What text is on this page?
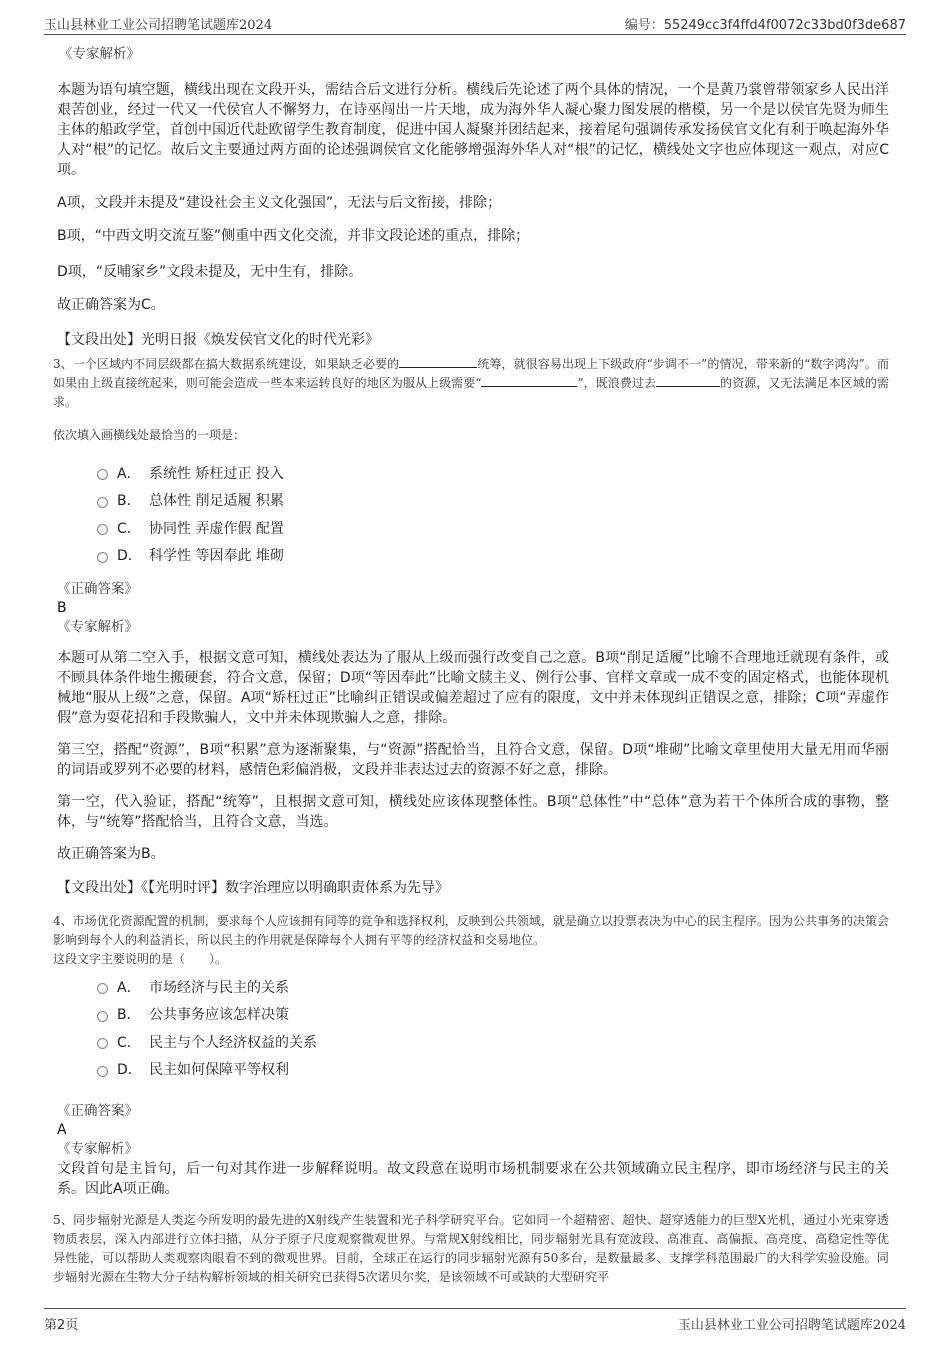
玉山县林业工业公司招聘笔试题库2024	编号：55249cc3f4ffd4f0072c33bd0f3de687
《专家解析》
本题为语句填空题，横线出现在文段开头，需结合后文进行分析。横线后先论述了两个具体的情况，一个是黄乃裳曾带领家乡人民出洋艰苦创业，经过一代又一代侯官人不懈努力，在诗巫闯出一片天地，成为海外华人凝心聚力图发展的楷模，另一个是以侯官先贤为师生主体的船政学堂，首创中国近代赴欧留学生教育制度，促进中国人凝聚并团结起来，接着尾句强调传承发扬侯官文化有利于唤起海外华人对“根”的记忆。故后文主要通过两方面的论述强调侯官文化能够增强海外华人对“根”的记忆，横线处文字也应体现这一观点，对应C项。
A项，文段并未提及“建设社会主义文化强国”，无法与后文衔接，排除；
B项，“中西文明交流互鉴”侧重中西文化交流，并非文段论述的重点，排除；
D项，“反哺家乡”文段未提及，无中生有，排除。
故正确答案为C。
【文段出处】光明日报《焕发侯官文化的时代光彩》
3、一个区域内不同层级都在搞大数据系统建设，如果缺乏必要的	统筹，就很容易出现上下级政府“步调不一”的情况，带来新的“数字鸿沟”。而如果由上级直接统起来，则可能会造成一些本来运转良好的地区为服从上级需要“	”，既浪费过去	的资源，又无法满足本区域的需求。
依次填入画横线处最恰当的一项是：
A． 系统性 矫枉过正 投入
B． 总体性 削足适履 积累
C． 协同性 弄虚作假 配置
D． 科学性 等因奉此 堆砌
《正确答案》
B
《专家解析》
本题可从第二空入手，根据文意可知，横线处表达为了服从上级而强行改变自己之意。B项“削足适履”比喻不合理地迁就现有条件，或不顾具体条件地生搬硬套，符合文意，保留；D项“等因奉此”比喻文牍主义、例行公事、官样文章或一成不变的固定格式，也能体现机械地“服从上级”之意，保留。A项“矫枉过正”比喻纠正错误或偏差超过了应有的限度，文中并未体现纠正错误之意，排除；C项“弄虚作假”意为耍花招和手段欺骗人，文中并未体现欺骗人之意，排除。
第三空，搭配“资源”，B项“积累”意为逐渐聚集，与“资源”搭配恰当，且符合文意，保留。D项“堆砌”比喻文章里使用大量无用而华丽的词语或罗列不必要的材料，感情色彩偏消极，文段并非表达过去的资源不好之意，排除。
第一空，代入验证，搭配“统筹”，且根据文意可知，横线处应该体现整体性。B项“总体性”中“总体”意为若干个体所合成的事物，整体，与“统筹”搭配恰当，且符合文意，当选。
故正确答案为B。
【文段出处】《【光明时评】数字治理应以明确职责体系为先导》
4、市场优化资源配置的机制，要求每个人应该拥有同等的竞争和选择权利，反映到公共领域，就是确立以投票表决为中心的民主程序。因为公共事务的决策会影响到每个人的利益消长，所以民主的作用就是保障每个人拥有平等的经济权益和交易地位。
这段文字主要说明的是（　　）。
A． 市场经济与民主的关系
B． 公共事务应该怎样决策
C． 民主与个人经济权益的关系
D． 民主如何保障平等权利
《正确答案》
A
《专家解析》
文段首句是主旨句，后一句对其作进一步解释说明。故文段意在说明市场机制要求在公共领域确立民主程序，即市场经济与民主的关系。因此A项正确。
5、同步辐射光源是人类迄今所发明的最先进的X射线产生装置和光子科学研究平台。它如同一个超精密、超快、超穿透能力的巨型X光机，通过小光束穿透物质表层，深入内部进行立体扫描，从分子原子尺度观察微观世界。与常规X射线相比，同步辐射光具有宽波段、高准直、高偏振、高亮度、高稳定性等优异性能，可以帮助人类观察肉眼看不到的微观世界。目前，全球正在运行的同步辐射光源有50多台，是数量最多、支撑学科范围最广的大科学实验设施。同步辐射光源在生物大分子结构解析领域的相关研究已获得5次诺贝尔奖，是该领域不可或缺的大型研究平
第2页	玉山县林业工业公司招聘笔试题库2024
